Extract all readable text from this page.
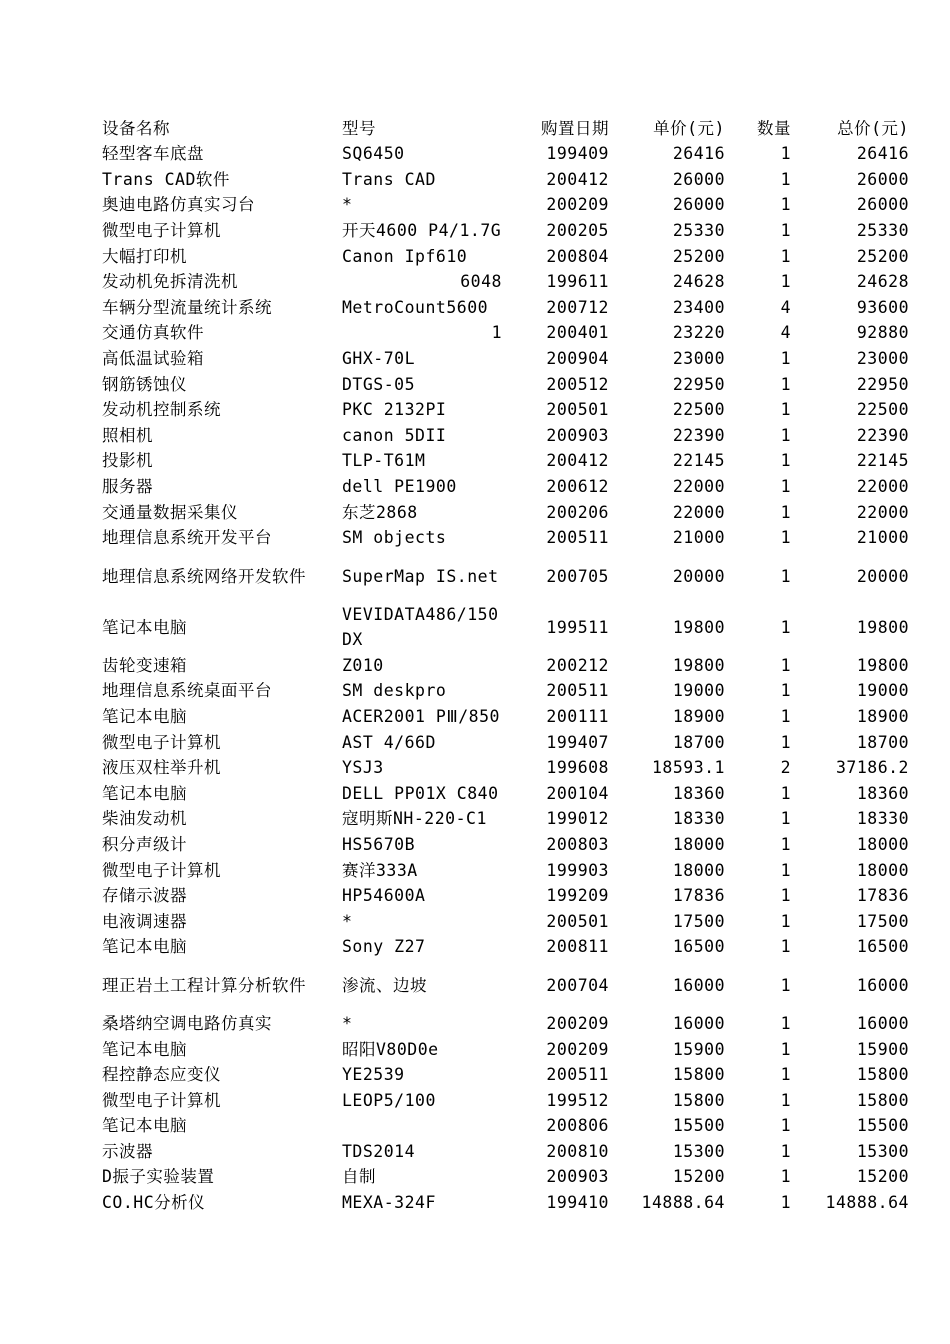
设备名称	型号	购置日期	单价(元)	数量	总价(元)
轻型客车底盘	SQ6450	199409	26416	1	26416
Trans CAD软件	Trans CAD	200412	26000	1	26000
奥迪电路仿真实习台	*	200209	26000	1	26000
微型电子计算机	开天4600 P4/1.7G	200205	25330	1	25330
大幅打印机	Canon Ipf610	200804	25200	1	25200
发动机免拆清洗机	6048	199611	24628	1	24628
车辆分型流量统计系统	MetroCount5600	200712	23400	4	93600
交通仿真软件	1	200401	23220	4	92880
高低温试验箱	GHX-70L	200904	23000	1	23000
钢筋锈蚀仪	DTGS-05	200512	22950	1	22950
发动机控制系统	PKC 2132PI	200501	22500	1	22500
照相机	canon 5DII	200903	22390	1	22390
投影机	TLP-T61M	200412	22145	1	22145
服务器	dell PE1900	200612	22000	1	22000
交通量数据采集仪	东芝2868	200206	22000	1	22000
地理信息系统开发平台	SM objects	200511	21000	1	21000
地理信息系统网络开发软件	SuperMap IS.net	200705	20000	1	20000
笔记本电脑	VEVIDATA486/150DX	199511	19800	1	19800
齿轮变速箱	Z010	200212	19800	1	19800
地理信息系统桌面平台	SM deskpro	200511	19000	1	19000
笔记本电脑	ACER2001 PⅢ/850	200111	18900	1	18900
微型电子计算机	AST 4/66D	199407	18700	1	18700
液压双柱举升机	YSJ3	199608	18593.1	2	37186.2
笔记本电脑	DELL PP01X C840	200104	18360	1	18360
柴油发动机	寇明斯NH-220-C1	199012	18330	1	18330
积分声级计	HS5670B	200803	18000	1	18000
微型电子计算机	赛洋333A	199903	18000	1	18000
存储示波器	HP54600A	199209	17836	1	17836
电液调速器	*	200501	17500	1	17500
笔记本电脑	Sony Z27	200811	16500	1	16500
理正岩土工程计算分析软件	渗流、边坡	200704	16000	1	16000
桑塔纳空调电路仿真实	*	200209	16000	1	16000
笔记本电脑	昭阳V80D0e	200209	15900	1	15900
程控静态应变仪	YE2539	200511	15800	1	15800
微型电子计算机	LEOP5/100	199512	15800	1	15800
笔记本电脑		200806	15500	1	15500
示波器	TDS2014	200810	15300	1	15300
D振子实验装置	自制	200903	15200	1	15200
CO.HC分析仪	MEXA-324F	199410	14888.64	1	14888.64
